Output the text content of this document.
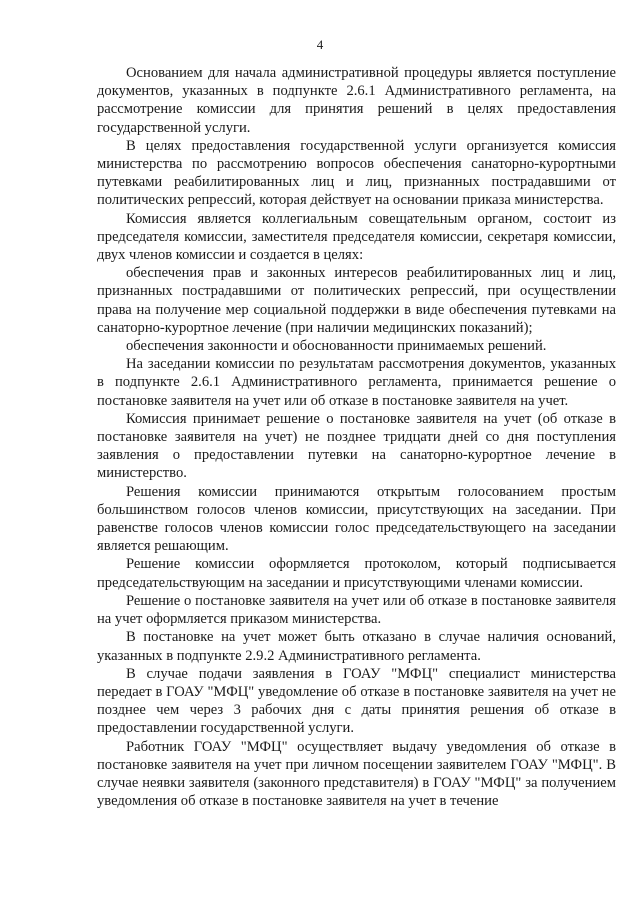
4

Основанием для начала административной процедуры является поступление документов, указанных в подпункте 2.6.1 Административного регламента, на рассмотрение комиссии для принятия решений в целях предоставления государственной услуги.

В целях предоставления государственной услуги организуется комиссия министерства по рассмотрению вопросов обеспечения санаторно-курортными путевками реабилитированных лиц и лиц, признанных пострадавшими от политических репрессий, которая действует на основании приказа министерства.

Комиссия является коллегиальным совещательным органом, состоит из председателя комиссии, заместителя председателя комиссии, секретаря комиссии, двух членов комиссии и создается в целях:

обеспечения прав и законных интересов реабилитированных лиц и лиц, признанных пострадавшими от политических репрессий, при осуществлении права на получение мер социальной поддержки в виде обеспечения путевками на санаторно-курортное лечение (при наличии медицинских показаний);

обеспечения законности и обоснованности принимаемых решений.

На заседании комиссии по результатам рассмотрения документов, указанных в подпункте 2.6.1 Административного регламента, принимается решение о постановке заявителя на учет или об отказе в постановке заявителя на учет.

Комиссия принимает решение о постановке заявителя на учет (об отказе в постановке заявителя на учет) не позднее тридцати дней со дня поступления заявления о предоставлении путевки на санаторно-курортное лечение в министерство.

Решения комиссии принимаются открытым голосованием простым большинством голосов членов комиссии, присутствующих на заседании. При равенстве голосов членов комиссии голос председательствующего на заседании является решающим.

Решение комиссии оформляется протоколом, который подписывается председательствующим на заседании и присутствующими членами комиссии.

Решение о постановке заявителя на учет или об отказе в постановке заявителя на учет оформляется приказом министерства.

В постановке на учет может быть отказано в случае наличия оснований, указанных в подпункте 2.9.2 Административного регламента.

В случае подачи заявления в ГОАУ "МФЦ" специалист министерства передает в ГОАУ "МФЦ" уведомление об отказе в постановке заявителя на учет не позднее чем через 3 рабочих дня с даты принятия решения об отказе в предоставлении государственной услуги.

Работник ГОАУ "МФЦ" осуществляет выдачу уведомления об отказе в постановке заявителя на учет при личном посещении заявителем ГОАУ "МФЦ". В случае неявки заявителя (законного представителя) в ГОАУ "МФЦ" за получением уведомления об отказе в постановке заявителя на учет в течение
